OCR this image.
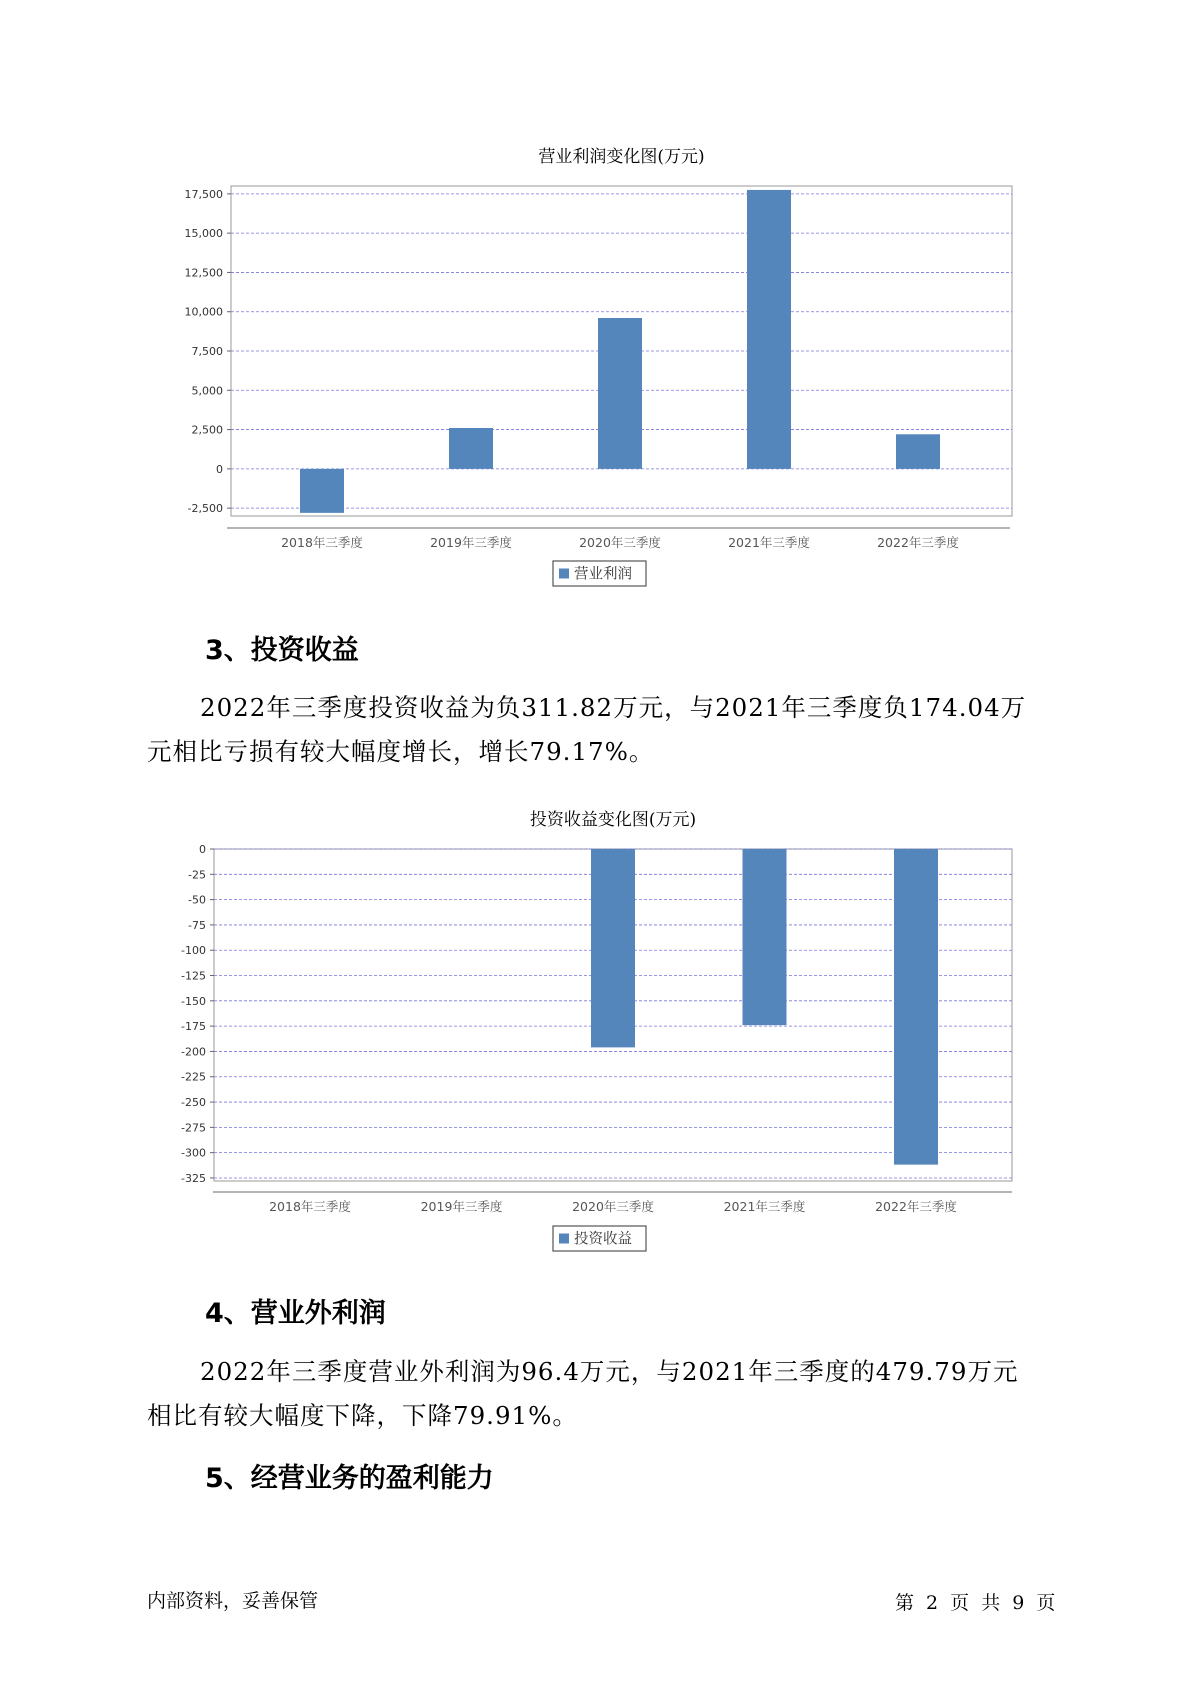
营业利润变化图(万元)
-2,500
0
2,500
5,000
7,500
10,000
12,500
15,000
17,500
2018年三季度	2019年三季度	2020年三季度	2021年三季度	2022年三季度
营业利润
3、投资收益
2022年三季度投资收益为负311.82万元，与2021年三季度负174.04万
元相比亏损有较大幅度增长，增长79.17%。
投资收益变化图(万元)
0
-25
-50
-75
-100
-125
-150
-175
-200
-225
-250
-275
-300
-325
2018年三季度	2019年三季度	2020年三季度	2021年三季度	2022年三季度
投资收益
4、营业外利润
2022年三季度营业外利润为96.4万元，与2021年三季度的479.79万元
相比有较大幅度下降，下降79.91%。
5、经营业务的盈利能力
内部资料，妥善保管	第 2 页 共 9 页
